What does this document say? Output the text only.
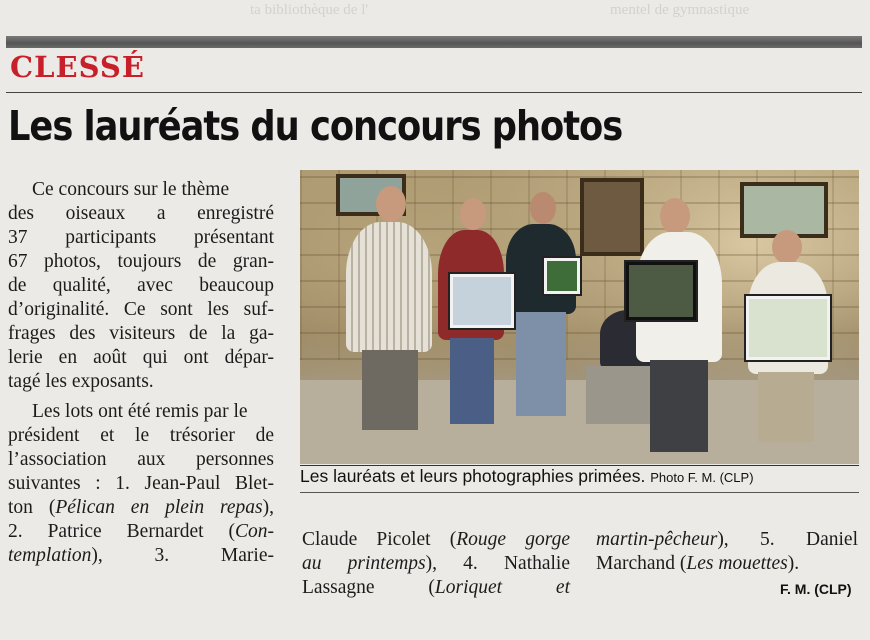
ta bibliothèque de l'	mentel de gymnastique
CLESSÉ
Les lauréats du concours photos
Ce concours sur le thème
des oiseaux a enregistré
37 participants présentant
67 photos, toujours de gran-
de qualité, avec beaucoup
d’originalité. Ce sont les suf-
frages des visiteurs de la ga-
lerie en août qui ont dépar-
tagé les exposants.
Les lots ont été remis par le
président et le trésorier de
l’association aux personnes
suivantes : 1. Jean-Paul Blet-
ton (Pélican en plein repas),
2. Patrice Bernardet (Con-
templation), 3. Marie-
Les lauréats et leurs photographies primées. Photo F. M. (CLP)
Claude Picolet (Rouge gorge
au printemps), 4. Nathalie
Lassagne (Loriquet et
martin-pêcheur), 5. Daniel
Marchand (Les mouettes).
F. M. (CLP)
